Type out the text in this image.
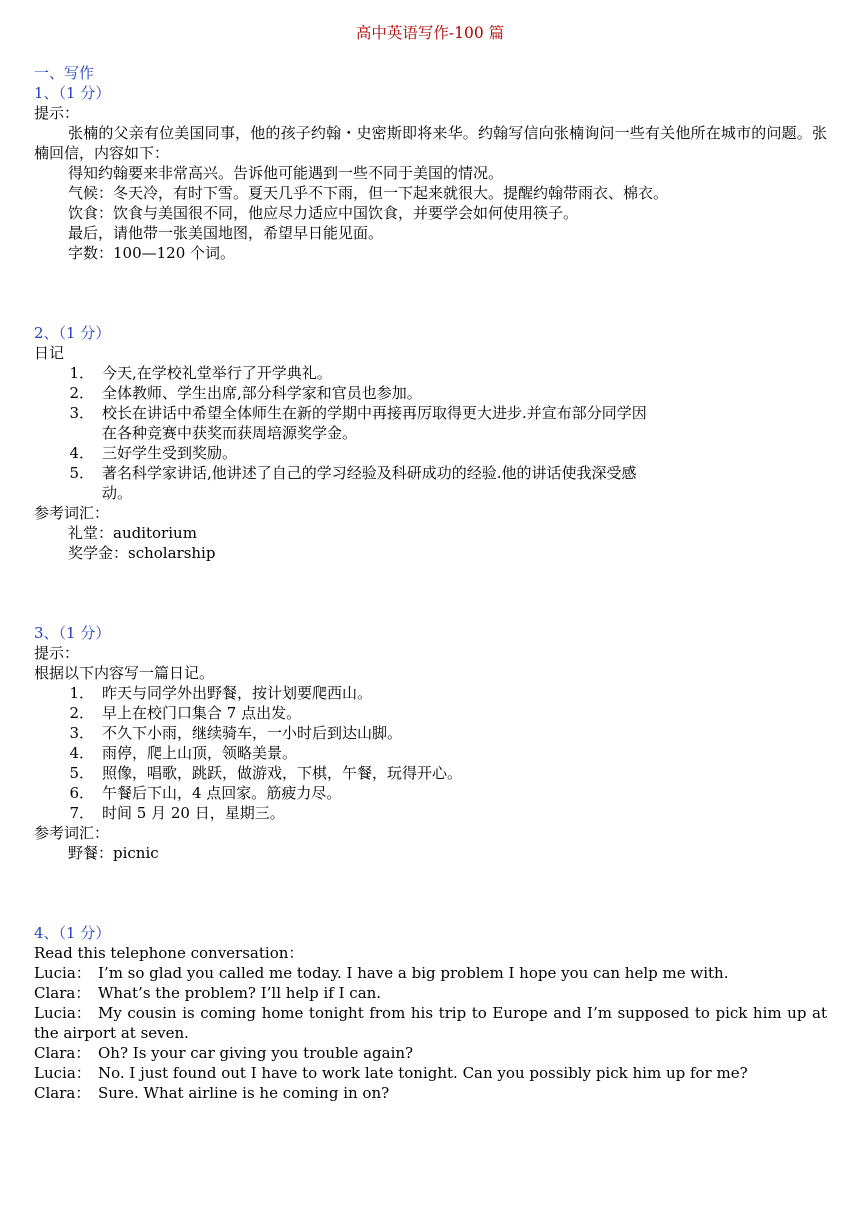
高中英语写作-100 篇
一、写作
1、（1 分）
提示：
张楠的父亲有位美国同事，他的孩子约翰・史密斯即将来华。约翰写信向张楠询问一些有关他所在城市的问题。张楠回信，内容如下：
得知约翰要来非常高兴。告诉他可能遇到一些不同于美国的情况。
气候：冬天冷，有时下雪。夏天几乎不下雨，但一下起来就很大。提醒约翰带雨衣、棉衣。
饮食：饮食与美国很不同，他应尽力适应中国饮食，并要学会如何使用筷子。
最后，请他带一张美国地图，希望早日能见面。
字数：100—120 个词。
2、（1 分）
日记
1． 今天,在学校礼堂举行了开学典礼。
2． 全体教师、学生出席,部分科学家和官员也参加。
3． 校长在讲话中希望全体师生在新的学期中再接再厉取得更大进步.并宣布部分同学因
在各种竞赛中获奖而获周培源奖学金。
4． 三好学生受到奖励。
5． 著名科学家讲话,他讲述了自己的学习经验及科研成功的经验.他的讲话使我深受感
动。
参考词汇：
礼堂：auditorium
奖学金：scholarship
3、（1 分）
提示：
根据以下内容写一篇日记。
1． 昨天与同学外出野餐，按计划要爬西山。
2． 早上在校门口集合 7 点出发。
3． 不久下小雨，继续骑车，一小时后到达山脚。
4． 雨停，爬上山顶，领略美景。
5． 照像，唱歌，跳跃，做游戏，下棋，午餐，玩得开心。
6． 午餐后下山，4 点回家。筋疲力尽。
7． 时间 5 月 20 日，星期三。
参考词汇：
野餐：picnic
4、（1 分）
Read this telephone conversation：
Lucia： I’m so glad you called me today. I have a big problem I hope you can help me with.
Clara： What’s the problem? I’ll help if I can.
Lucia： My cousin is coming home tonight from his trip to Europe and I’m supposed to pick him up at the airport at seven.
Clara： Oh? Is your car giving you trouble again?
Lucia： No. I just found out I have to work late tonight. Can you possibly pick him up for me?
Clara： Sure. What airline is he coming in on?
